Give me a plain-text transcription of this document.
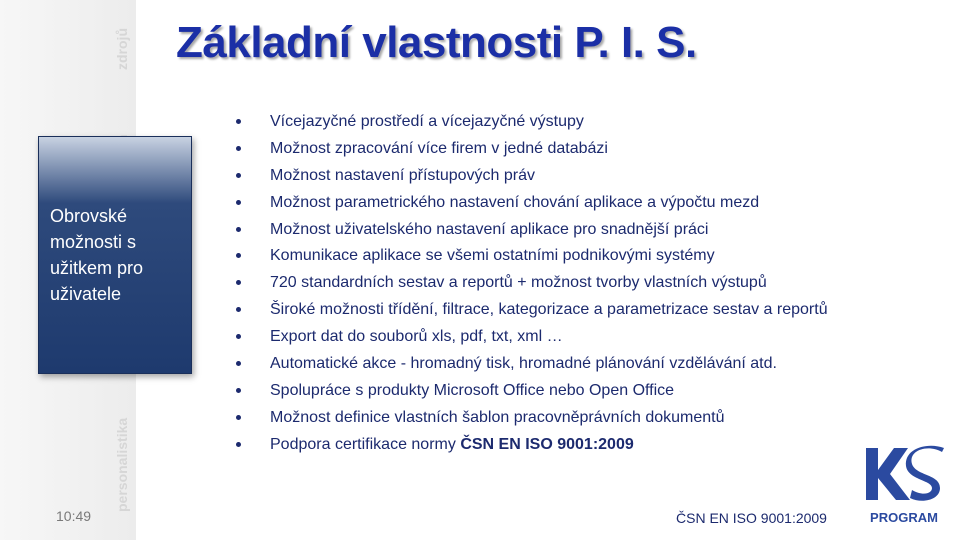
zdrojů
personalistika
Obrovské možnosti s užitkem pro uživatele
Základní vlastnosti P. I. S.
Vícejazyčné prostředí a vícejazyčné výstupy
Možnost zpracování více firem v jedné databázi
Možnost nastavení přístupových práv
Možnost parametrického nastavení chování aplikace a výpočtu mezd
Možnost uživatelského nastavení aplikace pro snadnější práci
Komunikace aplikace se všemi ostatními podnikovými systémy
720 standardních sestav a reportů + možnost tvorby vlastních výstupů
Široké možnosti třídění, filtrace, kategorizace a parametrizace sestav a reportů
Export dat do souborů xls, pdf, txt, xml …
Automatické akce - hromadný tisk, hromadné plánování vzdělávání atd.
Spolupráce s produkty Microsoft Office nebo Open Office
Možnost definice vlastních šablon pracovněprávních dokumentů
Podpora certifikace normy ČSN EN ISO 9001:2009
10:49	ČSN EN ISO 9001:2009	PROGRAM
